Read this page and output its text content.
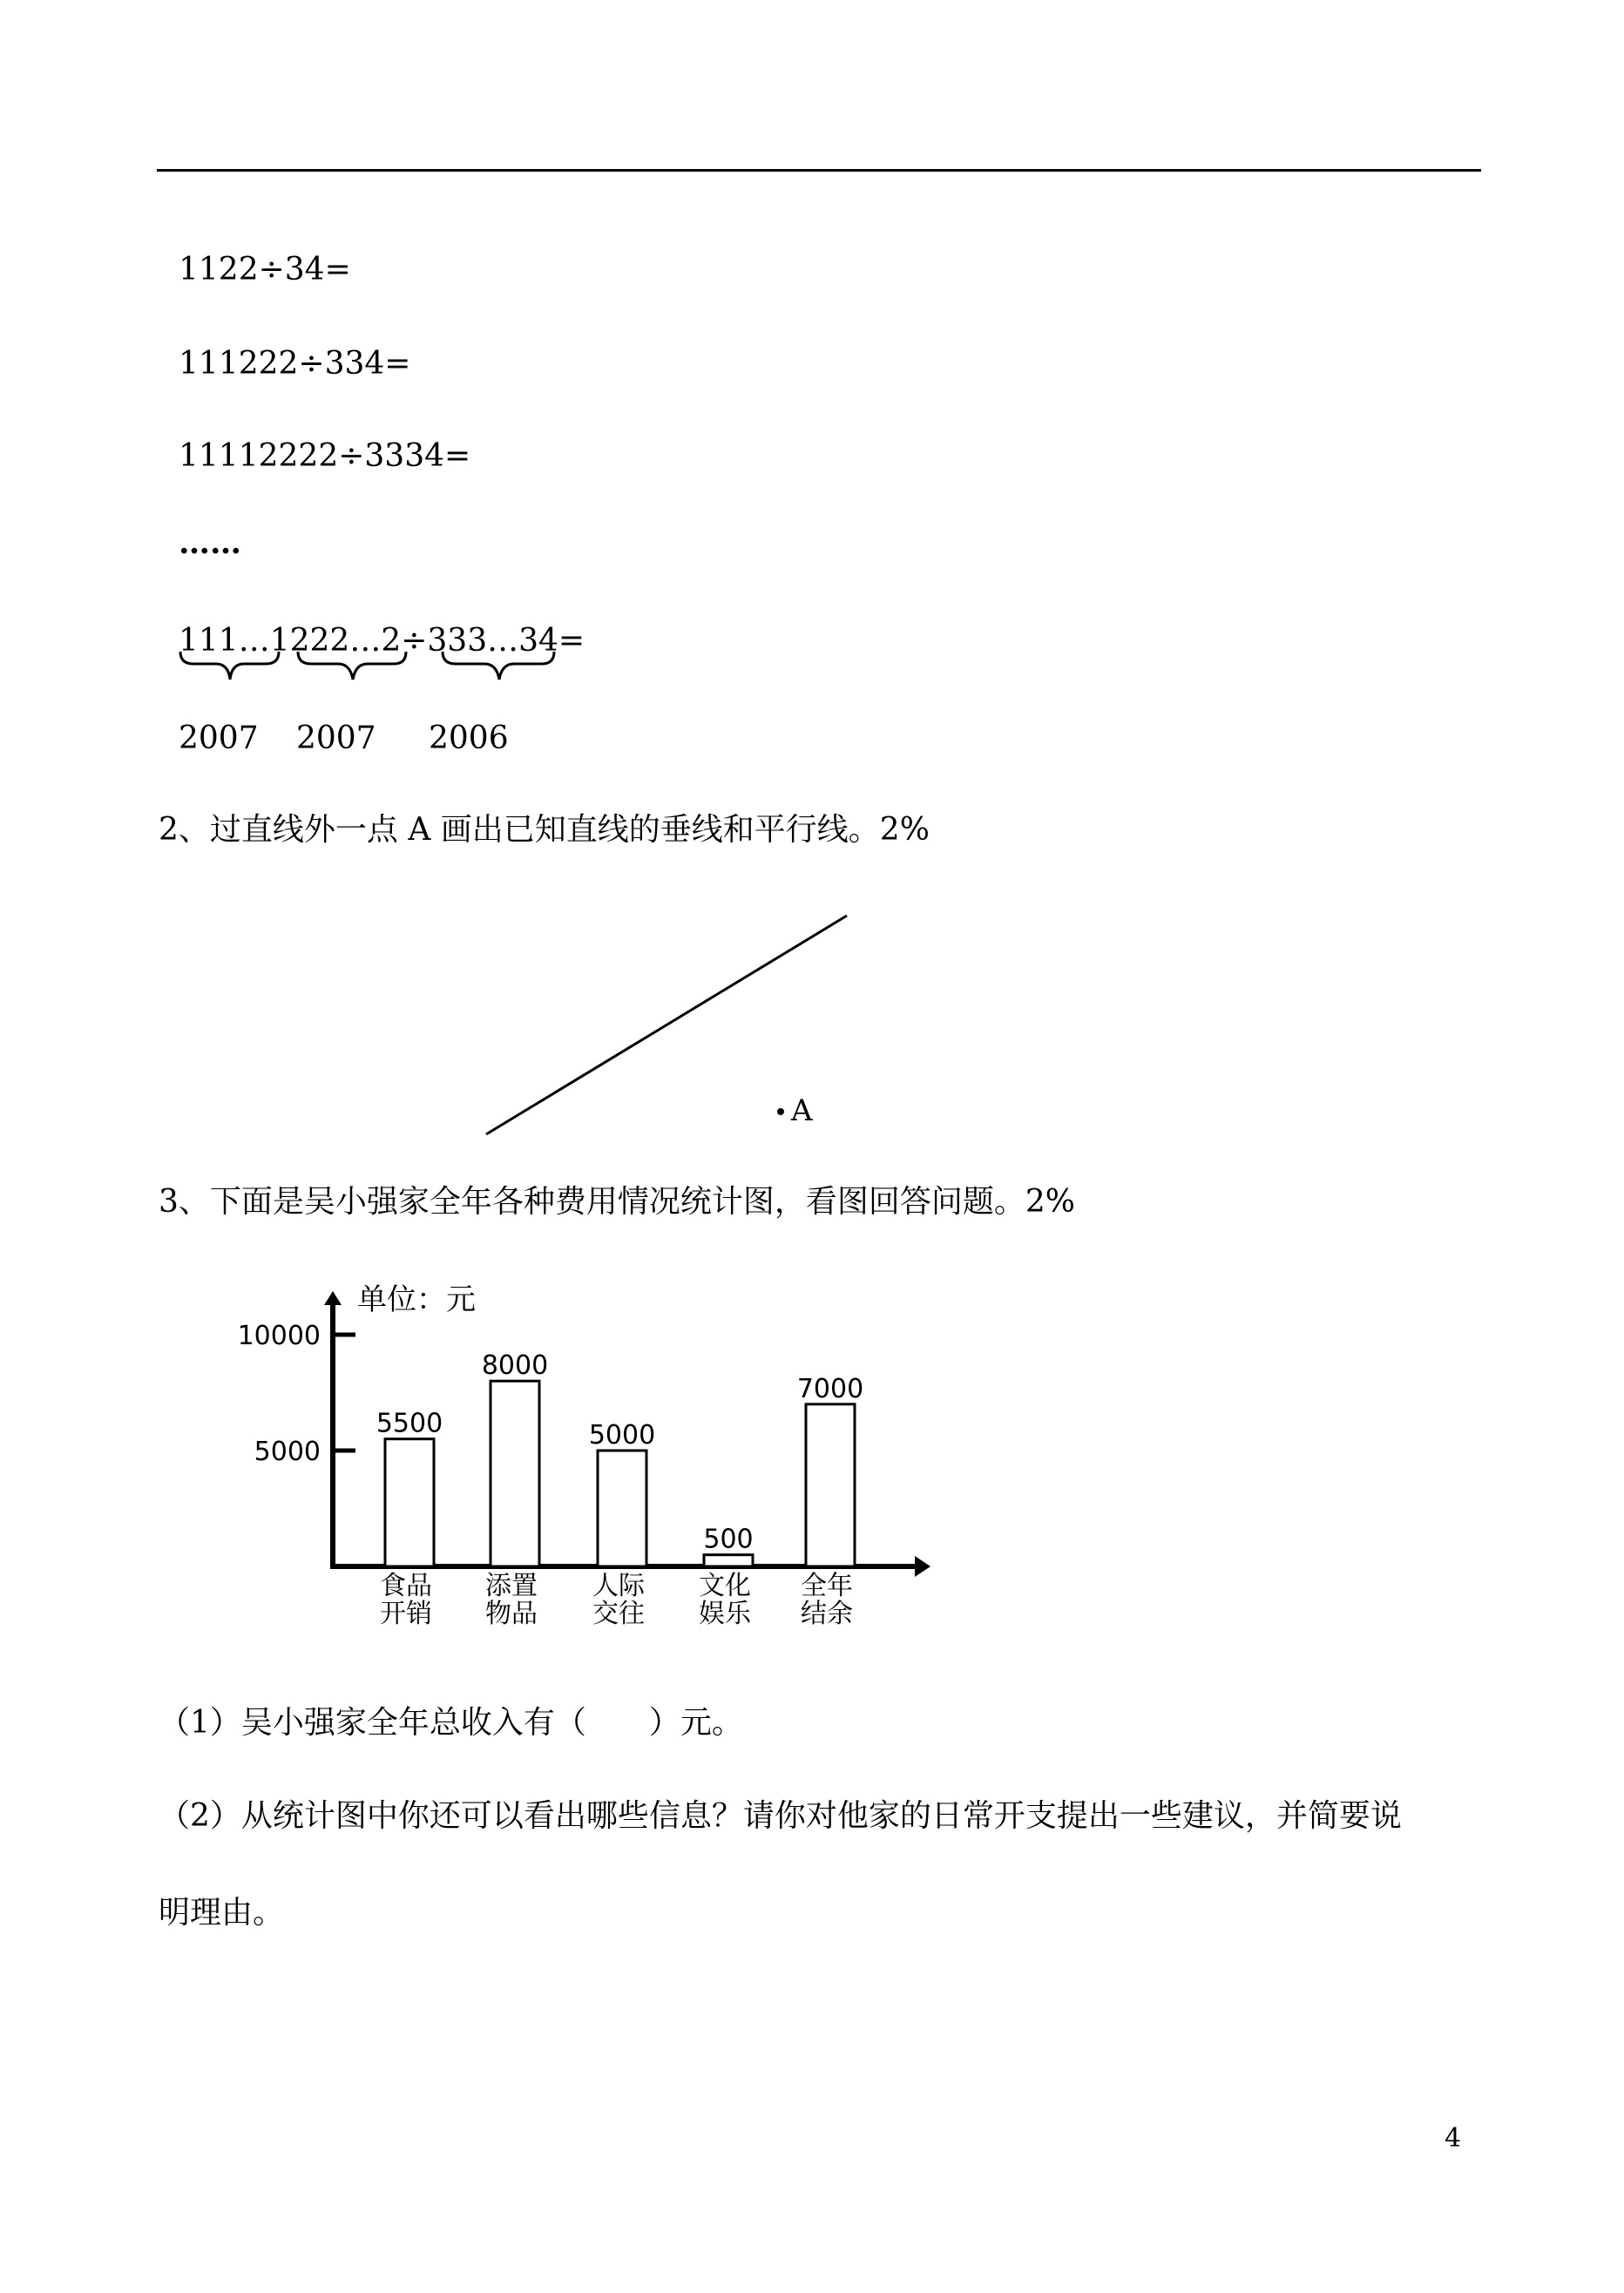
1122÷34=
111222÷334=
11112222÷3334=
……
111…1222…2÷333…34=
5000
10000
5500
食品
开销
8000
添置
物品
5000
人际
交往
500
文化
娱乐
7000
全年
结余
2007 2007 2006
2、过直线外一点 A 画出已知直线的垂线和平行线。2%
A
3、下面是吴小强家全年各种费用情况统计图，看图回答问题。2%
单位：元
（1）吴小强家全年总收入有（　　）元。
（2）从统计图中你还可以看出哪些信息？请你对他家的日常开支提出一些建议，并简要说
明理由。
4
